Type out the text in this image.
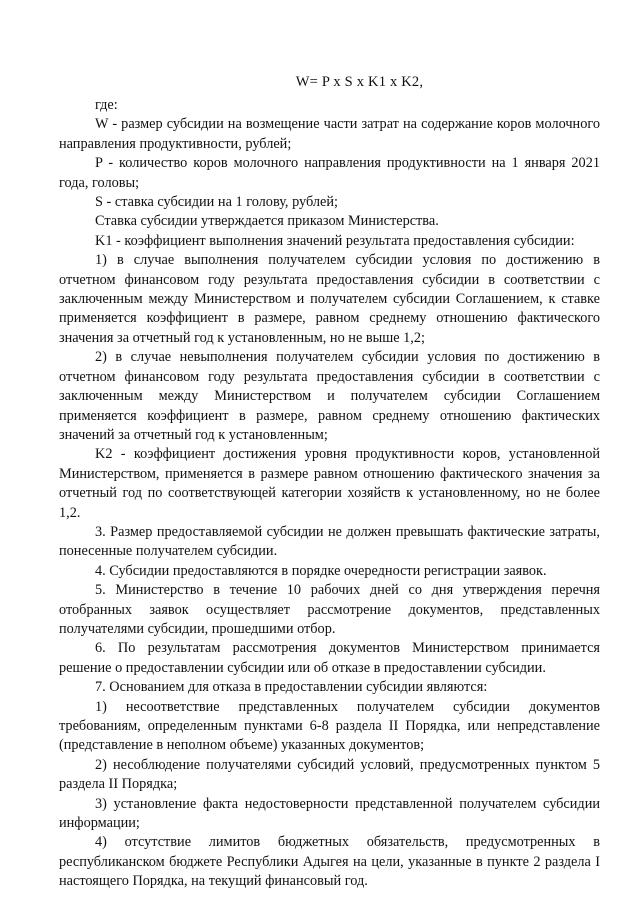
W= P x S x K1 x K2,

где:

W - размер субсидии на возмещение части затрат на содержание коров молочного направления продуктивности, рублей;

P - количество коров молочного направления продуктивности на 1 января 2021 года, головы;

S - ставка субсидии на 1 голову, рублей;

Ставка субсидии утверждается приказом Министерства.

K1 - коэффициент выполнения значений результата предоставления субсидии:

1) в случае выполнения получателем субсидии условия по достижению в отчетном финансовом году результата предоставления субсидии в соответствии с заключенным между Министерством и получателем субсидии Соглашением, к ставке применяется коэффициент в размере, равном среднему отношению фактического значения за отчетный год к установленным, но не выше 1,2;

2) в случае невыполнения получателем субсидии условия по достижению в отчетном финансовом году результата предоставления субсидии в соответствии с заключенным между Министерством и получателем субсидии Соглашением применяется коэффициент в размере, равном среднему отношению фактических значений за отчетный год к установленным;

K2 - коэффициент достижения уровня продуктивности коров, установленной Министерством, применяется в размере равном отношению фактического значения за отчетный год по соответствующей категории хозяйств к установленному, но не более 1,2.

3. Размер предоставляемой субсидии не должен превышать фактические затраты, понесенные получателем субсидии.

4. Субсидии предоставляются в порядке очередности регистрации заявок.

5. Министерство в течение 10 рабочих дней со дня утверждения перечня отобранных заявок осуществляет рассмотрение документов, представленных получателями субсидии, прошедшими отбор.

6. По результатам рассмотрения документов Министерством принимается решение о предоставлении субсидии или об отказе в предоставлении субсидии.

7. Основанием для отказа в предоставлении субсидии являются:

1) несоответствие представленных получателем субсидии документов требованиям, определенным пунктами 6-8 раздела II Порядка, или непредставление (представление в неполном объеме) указанных документов;

2) несоблюдение получателями субсидий условий, предусмотренных пунктом 5 раздела II Порядка;

3) установление факта недостоверности представленной получателем субсидии информации;

4) отсутствие лимитов бюджетных обязательств, предусмотренных в республиканском бюджете Республики Адыгея на цели, указанные в пункте 2 раздела I настоящего Порядка, на текущий финансовый год.
